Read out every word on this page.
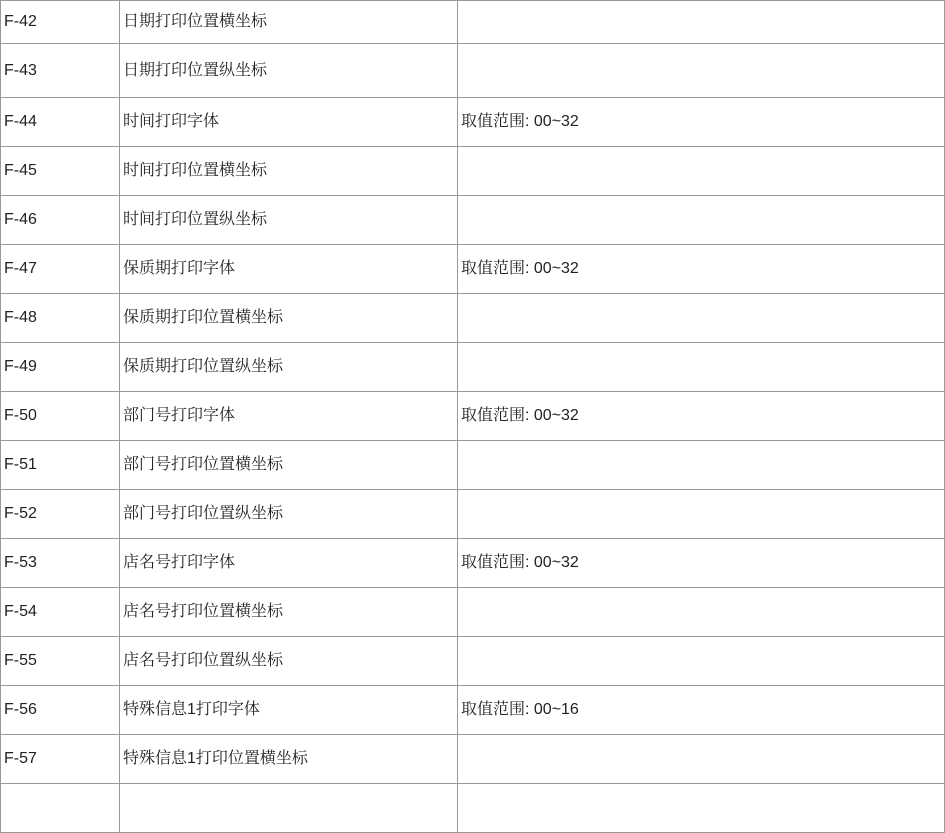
F-42	日期打印位置横坐标	
F-43	日期打印位置纵坐标	
F-44	时间打印字体	取值范围: 00~32
F-45	时间打印位置横坐标	
F-46	时间打印位置纵坐标	
F-47	保质期打印字体	取值范围: 00~32
F-48	保质期打印位置横坐标	
F-49	保质期打印位置纵坐标	
F-50	部门号打印字体	取值范围: 00~32
F-51	部门号打印位置横坐标	
F-52	部门号打印位置纵坐标	
F-53	店名号打印字体	取值范围: 00~32
F-54	店名号打印位置横坐标	
F-55	店名号打印位置纵坐标	
F-56	特殊信息1打印字体	取值范围: 00~16
F-57	特殊信息1打印位置横坐标	
